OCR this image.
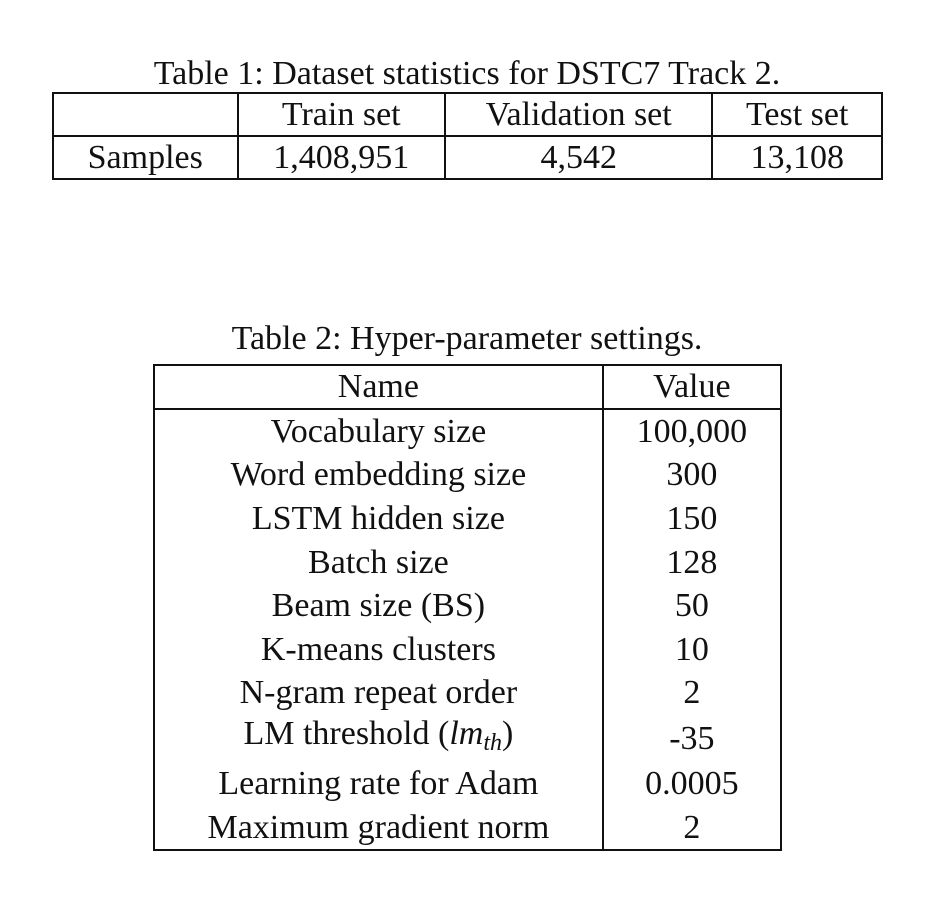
Table 1: Dataset statistics for DSTC7 Track 2.
	Train set	Validation set	Test set
Samples	1,408,951	4,542	13,108
Table 2: Hyper-parameter settings.
Name	Value
Vocabulary size	100,000
Word embedding size	300
LSTM hidden size	150
Batch size	128
Beam size (BS)	50
K-means clusters	10
N-gram repeat order	2
LM threshold $(lm_{th})$	-35
Learning rate for Adam	0.0005
Maximum gradient norm	2
